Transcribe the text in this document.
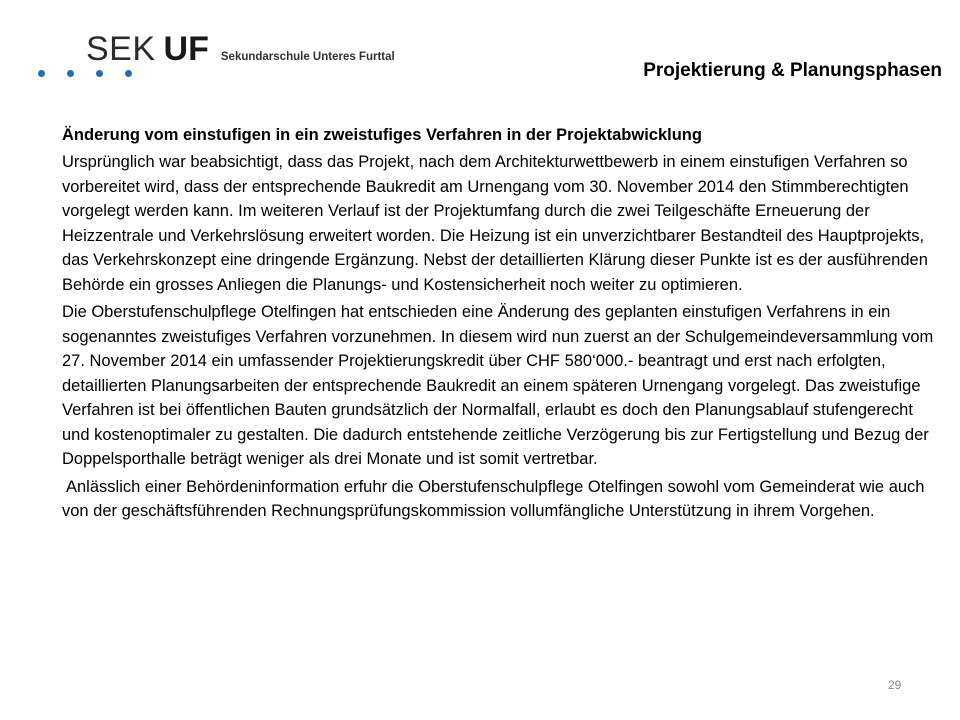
SEK UF Sekundarschule Unteres Furttal
Projektierung & Planungsphasen
Änderung vom einstufigen in ein zweistufiges Verfahren in der Projektabwicklung

Ursprünglich war beabsichtigt, dass das Projekt, nach dem Architekturwettbewerb in einem einstufigen Verfahren so vorbereitet wird, dass der entsprechende Baukredit am Urnengang vom 30. November 2014 den Stimmberechtigten vorgelegt werden kann. Im weiteren Verlauf ist der Projektumfang durch die zwei Teilgeschäfte Erneuerung der Heizzentrale und Verkehrslösung erweitert worden. Die Heizung ist ein unverzichtbarer Bestandteil des Hauptprojekts, das Verkehrskonzept eine dringende Ergänzung. Nebst der detaillierten Klärung dieser Punkte ist es der ausführenden Behörde ein grosses Anliegen die Planungs- und Kostensicherheit noch weiter zu optimieren.

Die Oberstufenschulpflege Otelfingen hat entschieden eine Änderung des geplanten einstufigen Verfahrens in ein sogenanntes zweistufiges Verfahren vorzunehmen. In diesem wird nun zuerst an der Schulgemeindeversammlung vom 27. November 2014 ein umfassender Projektierungskredit über CHF 580‘000.- beantragt und erst nach erfolgten, detaillierten Planungsarbeiten der entsprechende Baukredit an einem späteren Urnengang vorgelegt. Das zweistufige Verfahren ist bei öffentlichen Bauten grundsätzlich der Normalfall, erlaubt es doch den Planungsablauf stufengerecht und kostenoptimaler zu gestalten. Die dadurch entstehende zeitliche Verzögerung bis zur Fertigstellung und Bezug der Doppelsporthalle beträgt weniger als drei Monate und ist somit vertretbar.

Anlässlich einer Behördeninformation erfuhr die Oberstufenschulpflege Otelfingen sowohl vom Gemeinderat wie auch von der geschäftsführenden Rechnungsprüfungskommission vollumfängliche Unterstützung in ihrem Vorgehen.

29
